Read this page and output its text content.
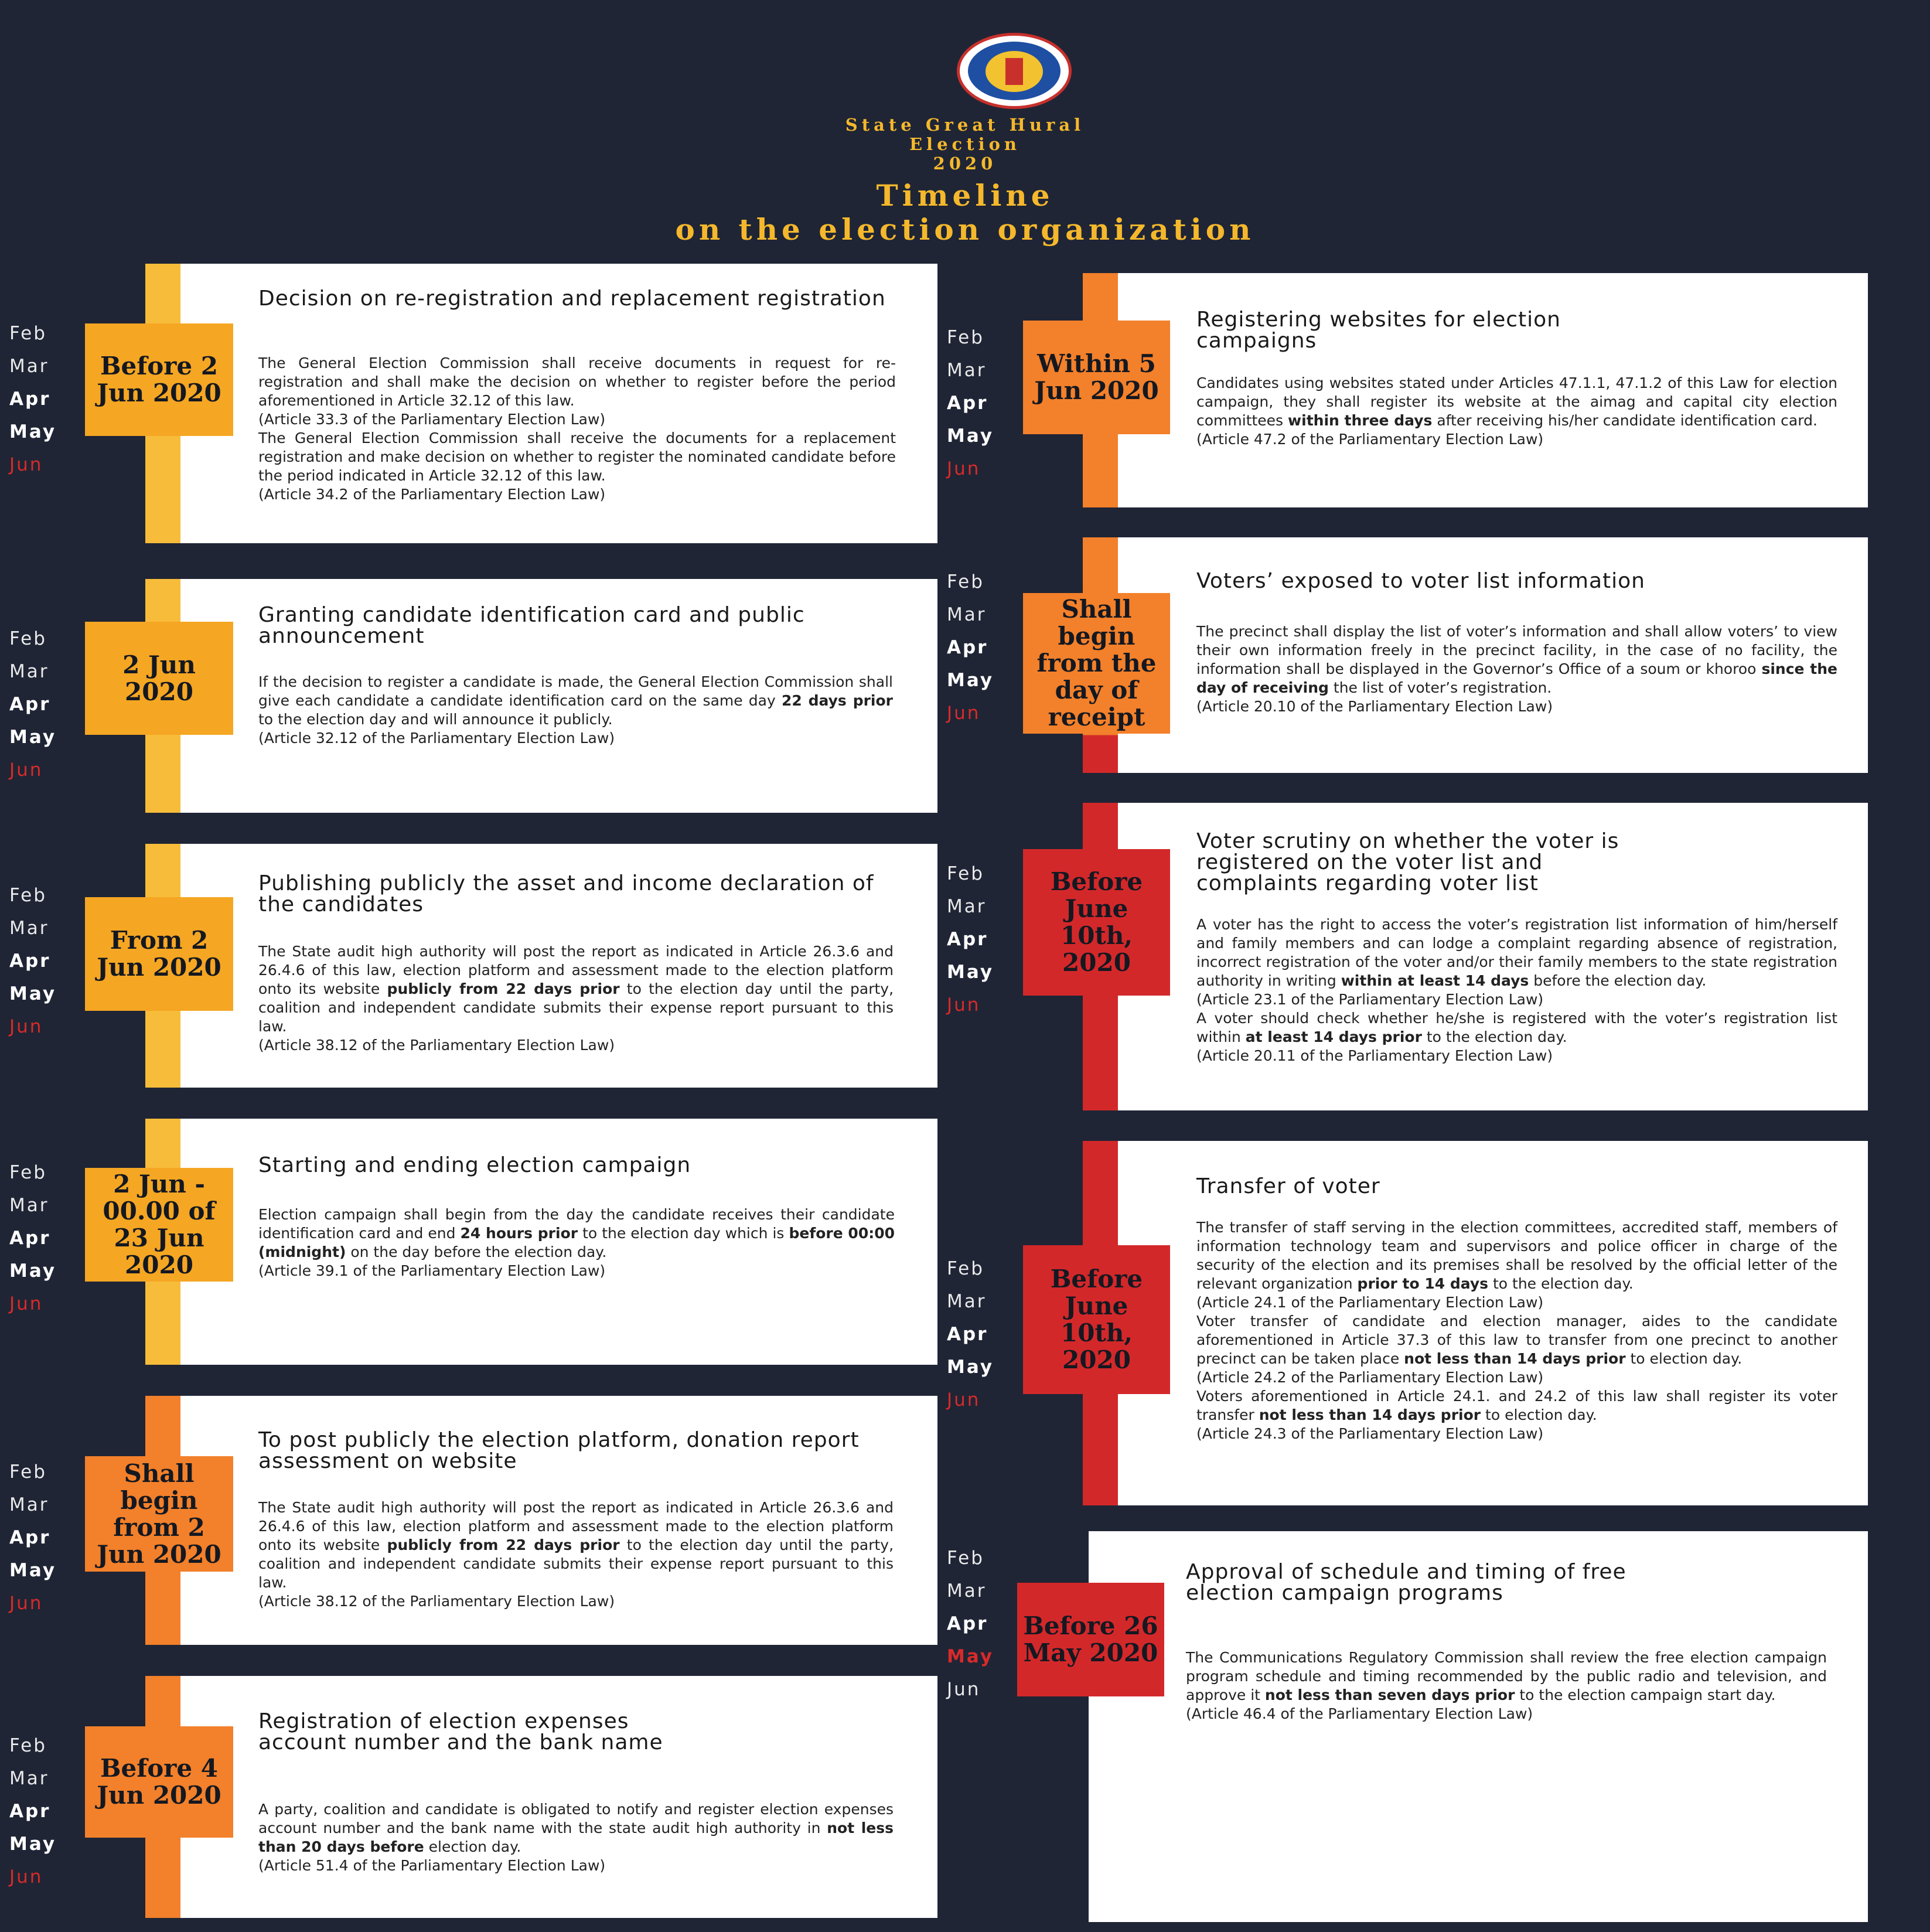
State Great Hural
Election
2020
Timeline
on the election organization
Feb
Mar
Apr
May
Jun
Before 2 Jun 2020
Decision on re-registration and replacement registration
The General Election Commission shall receive documents in request for re-registration and shall make the decision on whether to register before the period aforementioned in Article 32.12 of this law.
(Article 33.3 of the Parliamentary Election Law)
The General Election Commission shall receive the documents for a replacement registration and make decision on whether to register the nominated candidate before the period indicated in Article 32.12 of this law.
(Article 34.2 of the Parliamentary Election Law)
Feb
Mar
Apr
May
Jun
2 Jun 2020
Granting candidate identification card and public announcement
If the decision to register a candidate is made, the General Election Commission shall give each candidate a candidate identification card on the same day 22 days prior to the election day and will announce it publicly.
(Article 32.12 of the Parliamentary Election Law)
Feb
Mar
Apr
May
Jun
From 2 Jun 2020
Publishing publicly the asset and income declaration of the candidates
The State audit high authority will post the report as indicated in Article 26.3.6 and 26.4.6 of this law, election platform and assessment made to the election platform onto its website publicly from 22 days prior to the election day until the party, coalition and independent candidate submits their expense report pursuant to this law.
(Article 38.12 of the Parliamentary Election Law)
Feb
Mar
Apr
May
Jun
2 Jun - 00.00 of 23 Jun 2020
Starting and ending election campaign
Election campaign shall begin from the day the candidate receives their candidate identification card and end 24 hours prior to the election day which is before 00:00 (midnight) on the day before the election day.
(Article 39.1 of the Parliamentary Election Law)
Feb
Mar
Apr
May
Jun
Shall begin from 2 Jun 2020
To post publicly the election platform, donation report assessment on website
The State audit high authority will post the report as indicated in Article 26.3.6 and 26.4.6 of this law, election platform and assessment made to the election platform onto its website publicly from 22 days prior to the election day until the party, coalition and independent candidate submits their expense report pursuant to this law.
(Article 38.12 of the Parliamentary Election Law)
Feb
Mar
Apr
May
Jun
Before 4 Jun 2020
Registration of election expenses account number and the bank name
A party, coalition and candidate is obligated to notify and register election expenses account number and the bank name with the state audit high authority in not less than 20 days before election day.
(Article 51.4 of the Parliamentary Election Law)
Feb
Mar
Apr
May
Jun
Within 5 Jun 2020
Registering websites for election campaigns
Candidates using websites stated under Articles 47.1.1, 47.1.2 of this Law for election campaign, they shall register its website at the aimag and capital city election committees within three days after receiving his/her candidate identification card.
(Article 47.2 of the Parliamentary Election Law)
Feb
Mar
Apr
May
Jun
Shall begin from the day of receipt
Voters’ exposed to voter list information
The precinct shall display the list of voter’s information and shall allow voters’ to view their own information freely in the precinct facility, in the case of no facility, the information shall be displayed in the Governor’s Office of a soum or khoroo since the day of receiving the list of voter’s registration.
(Article 20.10 of the Parliamentary Election Law)
Feb
Mar
Apr
May
Jun
Before June 10th, 2020
Voter scrutiny on whether the voter is registered on the voter list and complaints regarding voter list
A voter has the right to access the voter’s registration list information of him/herself and family members and can lodge a complaint regarding absence of registration, incorrect registration of the voter and/or their family members to the state registration authority in writing within at least 14 days before the election day.
(Article 23.1 of the Parliamentary Election Law)
A voter should check whether he/she is registered with the voter’s registration list within at least 14 days prior to the election day.
(Article 20.11 of the Parliamentary Election Law)
Feb
Mar
Apr
May
Jun
Before June 10th, 2020
Transfer of voter
The transfer of staff serving in the election committees, accredited staff, members of information technology team and supervisors and police officer in charge of the security of the election and its premises shall be resolved by the official letter of the relevant organization prior to 14 days to the election day.
(Article 24.1 of the Parliamentary Election Law)
Voter transfer of candidate and election manager, aides to the candidate aforementioned in Article 37.3 of this law to transfer from one precinct to another precinct can be taken place not less than 14 days prior to election day.
(Article 24.2 of the Parliamentary Election Law)
Voters aforementioned in Article 24.1. and 24.2 of this law shall register its voter transfer not less than 14 days prior to election day.
(Article 24.3 of the Parliamentary Election Law)
Feb
Mar
Apr
May
Jun
Before 26 May 2020
Approval of schedule and timing of free election campaign programs
The Communications Regulatory Commission shall review the free election campaign program schedule and timing recommended by the public radio and television, and approve it not less than seven days prior to the election campaign start day.
(Article 46.4 of the Parliamentary Election Law)
